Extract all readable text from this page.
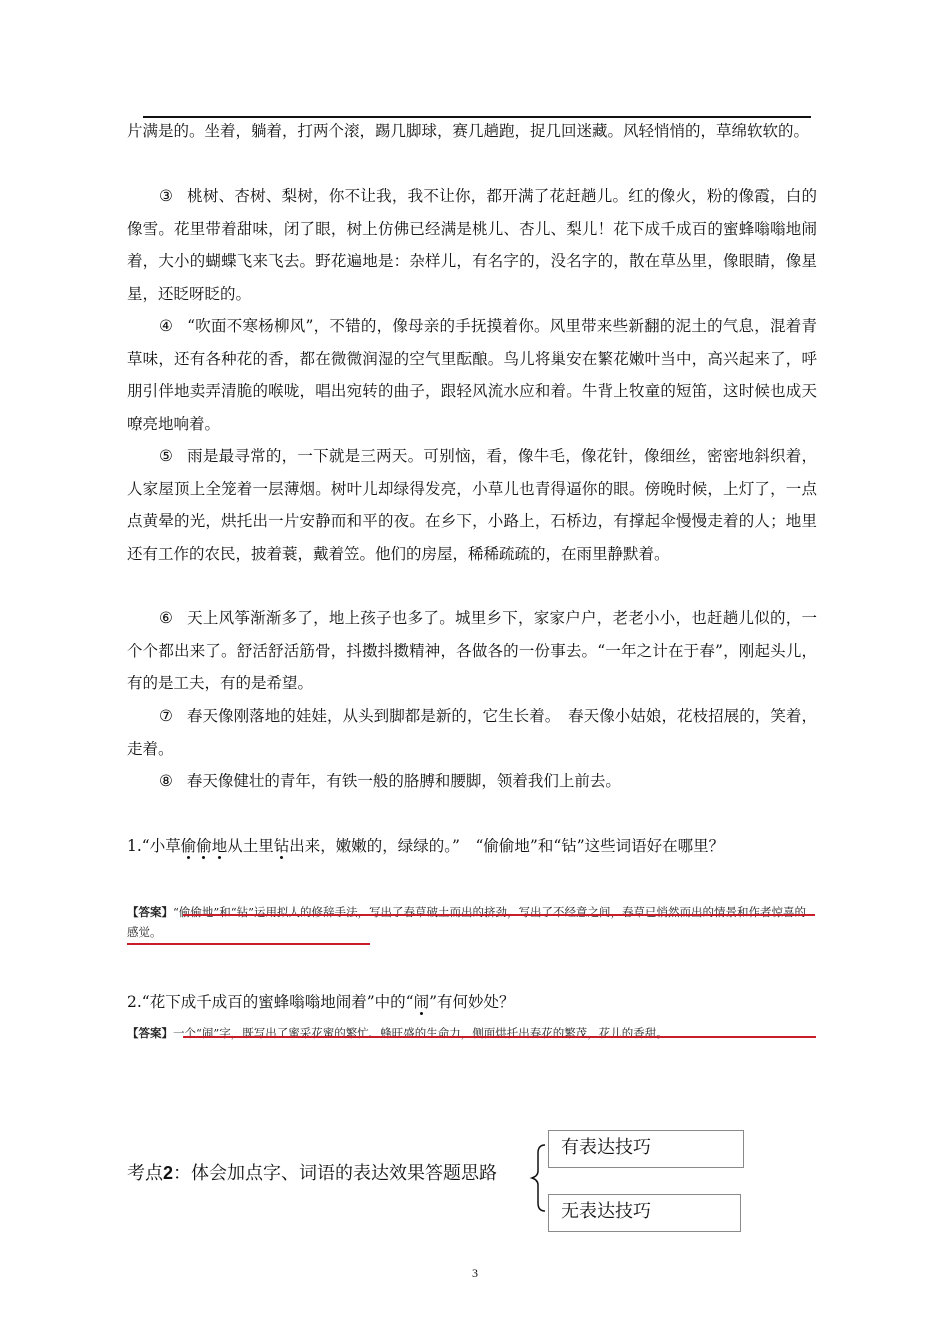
片满是的。坐着，躺着，打两个滚，踢几脚球，赛几趟跑，捉几回迷藏。风轻悄悄的，草绵软软的。

③ 桃树、杏树、梨树，你不让我，我不让你，都开满了花赶趟儿。红的像火，粉的像霞，白的像雪。花里带着甜味，闭了眼，树上仿佛已经满是桃儿、杏儿、梨儿！花下成千成百的蜜蜂嗡嗡地闹着，大小的蝴蝶飞来飞去。野花遍地是：杂样儿，有名字的，没名字的，散在草丛里，像眼睛，像星星，还眨呀眨的。

④ “吹面不寒杨柳风”，不错的，像母亲的手抚摸着你。风里带来些新翻的泥土的气息，混着青草味，还有各种花的香，都在微微润湿的空气里酝酿。鸟儿将巢安在繁花嫩叶当中，高兴起来了，呼朋引伴地卖弄清脆的喉咙，唱出宛转的曲子，跟轻风流水应和着。牛背上牧童的短笛，这时候也成天嘹亮地响着。

⑤ 雨是最寻常的，一下就是三两天。可别恼，看，像牛毛，像花针，像细丝，密密地斜织着，人家屋顶上全笼着一层薄烟。树叶儿却绿得发亮，小草儿也青得逼你的眼。傍晚时候，上灯了，一点点黄晕的光，烘托出一片安静而和平的夜。在乡下，小路上，石桥边，有撑起伞慢慢走着的人；地里还有工作的农民，披着蓑，戴着笠。他们的房屋，稀稀疏疏的，在雨里静默着。

⑥ 天上风筝渐渐多了，地上孩子也多了。城里乡下，家家户户，老老小小，也赶趟儿似的，一个个都出来了。舒活舒活筋骨，抖擞抖擞精神，各做各的一份事去。“一年之计在于春”，刚起头儿，有的是工夫，有的是希望。

⑦ 春天像刚落地的娃娃，从头到脚都是新的，它生长着。　春天像小姑娘，花枝招展的，笑着，走着。

⑧ 春天像健壮的青年，有铁一般的胳膊和腰脚，领着我们上前去。

1.“小草偷偷地从土里钻出来，嫩嫩的，绿绿的。”　“偷偷地”和“钻”这些词语好在哪里？

【答案】“偷偷地”和“钻”运用拟人的修辞手法，写出了春草破土而出的挤劲，写出了不经意之间，春草已悄然而出的情景和作者惊喜的感觉。

2.“花下成千成百的蜜蜂嗡嗡地闹着”中的“闹”有何妙处？

【答案】一个“闹”字，既写出了蜜采花蜜的繁忙、蜂旺盛的生命力，侧面烘托出春花的繁茂，花儿的香甜。

考点2：体会加点字、词语的表达效果答题思路

有表达技巧
无表达技巧
3
